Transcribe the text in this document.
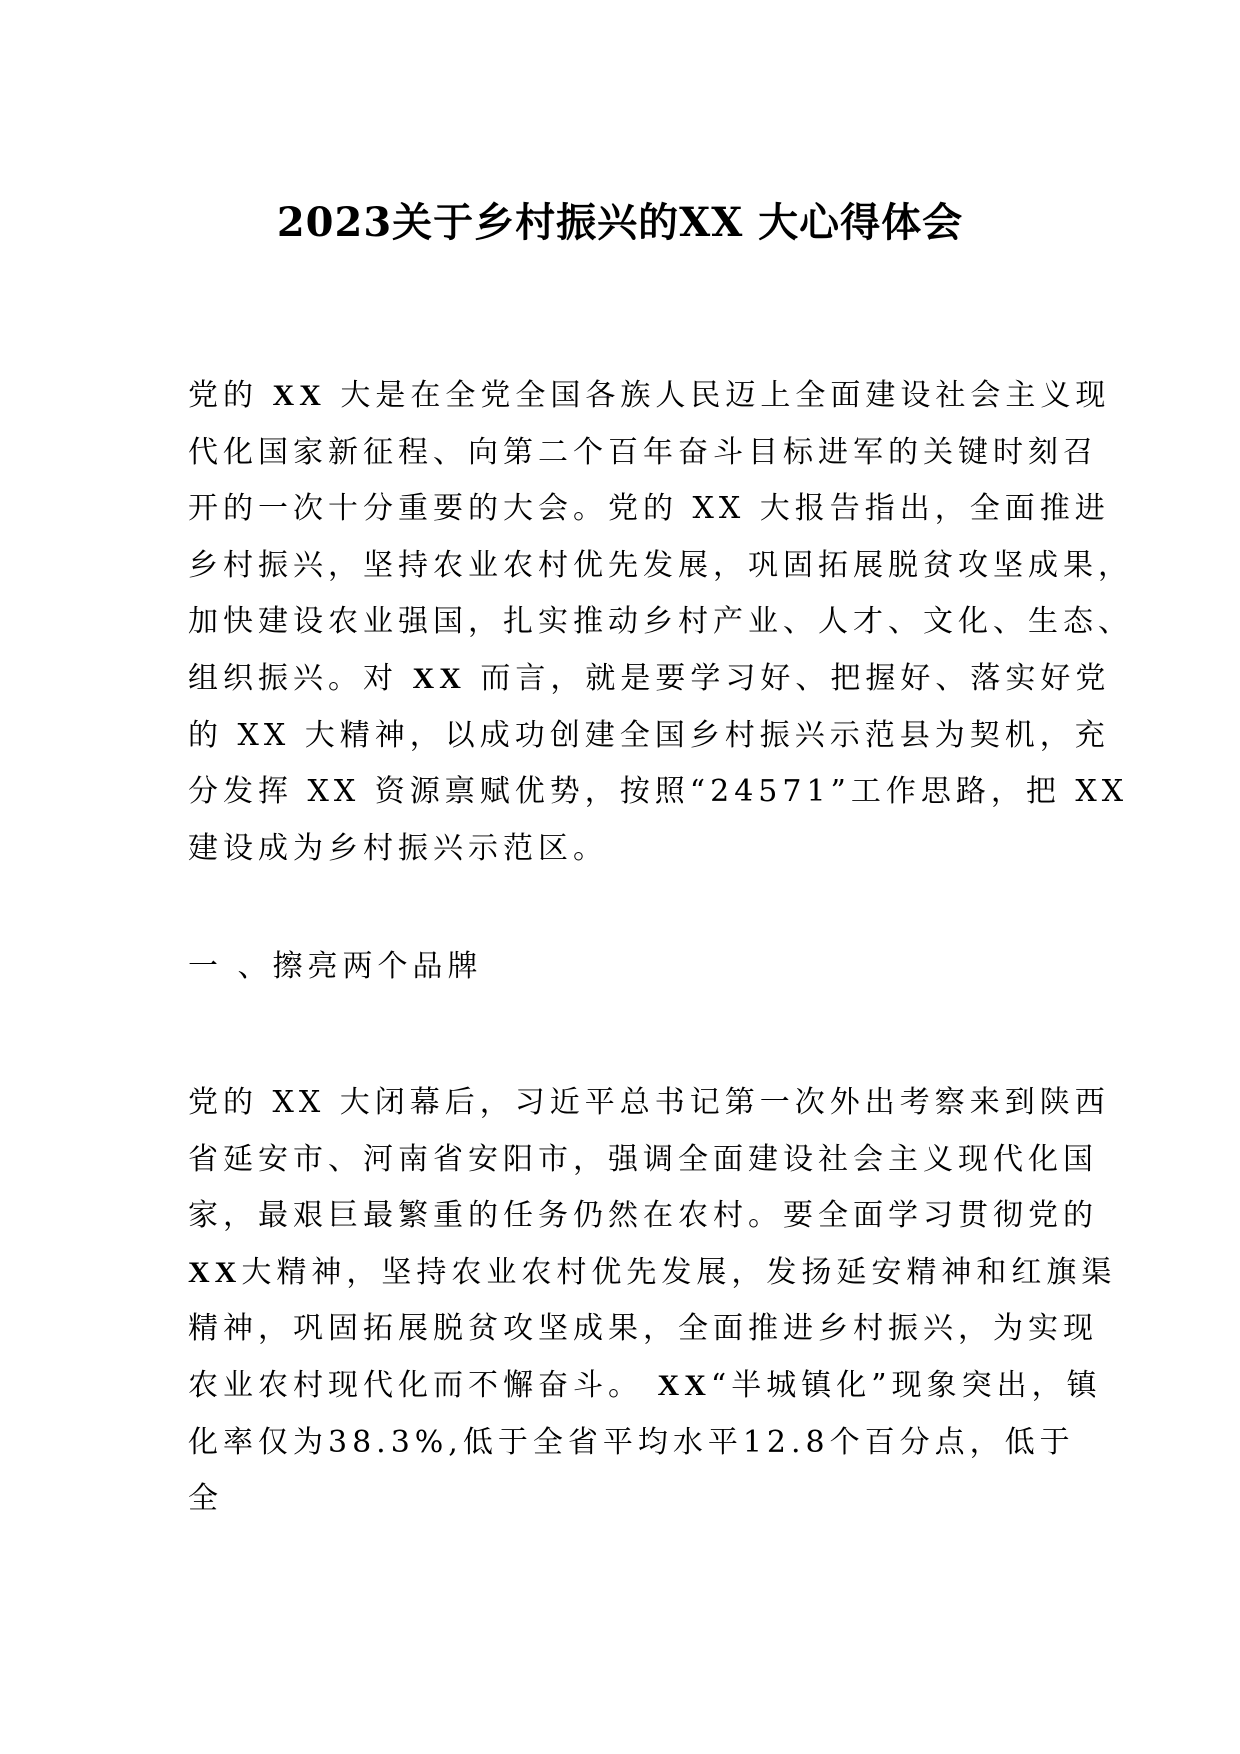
2023关于乡村振兴的XX 大心得体会
党的 XX 大是在全党全国各族人民迈上全面建设社会主义现
代化国家新征程、向第二个百年奋斗目标进军的关键时刻召
开的一次十分重要的大会。党的 XX 大报告指出，全面推进
乡村振兴，坚持农业农村优先发展，巩固拓展脱贫攻坚成果，
加快建设农业强国，扎实推动乡村产业、人才、文化、生态、
组织振兴。对 XX 而言，就是要学习好、把握好、落实好党
的 XX 大精神，以成功创建全国乡村振兴示范县为契机，充
分发挥 XX 资源禀赋优势，按照“24571”工作思路，把 XX
建设成为乡村振兴示范区。

一 、擦亮两个品牌

党的 XX 大闭幕后，习近平总书记第一次外出考察来到陕西
省延安市、河南省安阳市，强调全面建设社会主义现代化国
家，最艰巨最繁重的任务仍然在农村。要全面学习贯彻党的
XX大精神，坚持农业农村优先发展，发扬延安精神和红旗渠
精神，巩固拓展脱贫攻坚成果，全面推进乡村振兴，为实现
农业农村现代化而不懈奋斗。 XX“半城镇化”现象突出，镇
化率仅为38.3%,低于全省平均水平12.8个百分点，低于
全
